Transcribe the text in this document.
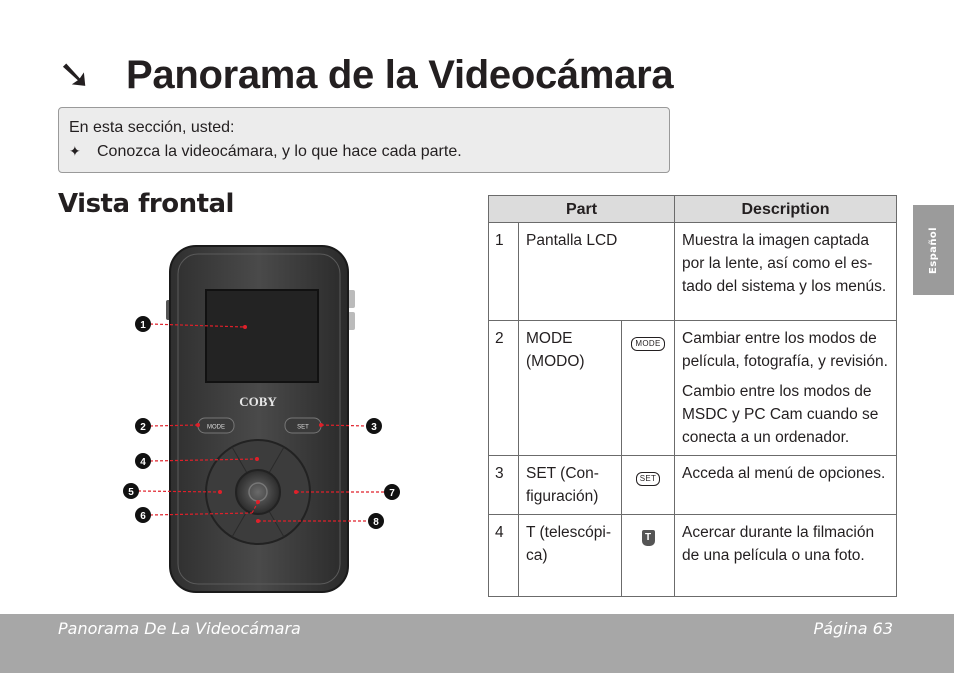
➘ Panorama de la Videocámara
En esta sección, usted:
✦	Conozca la videocámara, y lo que hace cada parte.
Vista frontal
COBY
MODE	SET
1
2	3
4
5
6
7
8
Part			Description
1	Pantalla LCD		Muestra la imagen captada por la lente, así como el es-tado del sistema y los menús.

2	MODE (MODO)	MODE	Cambiar entre los modos de película, fotografía, y revisión.

Cambio entre los modos de MSDC y PC Cam cuando se conecta a un ordenador.

3	SET (Con-figuración)	SET	Acceda al menú de opciones.

4	T (telescópi-ca)	T	Acercar durante la filmación de una película o una foto.

Español
Panorama De La Videocámara	Página 63
